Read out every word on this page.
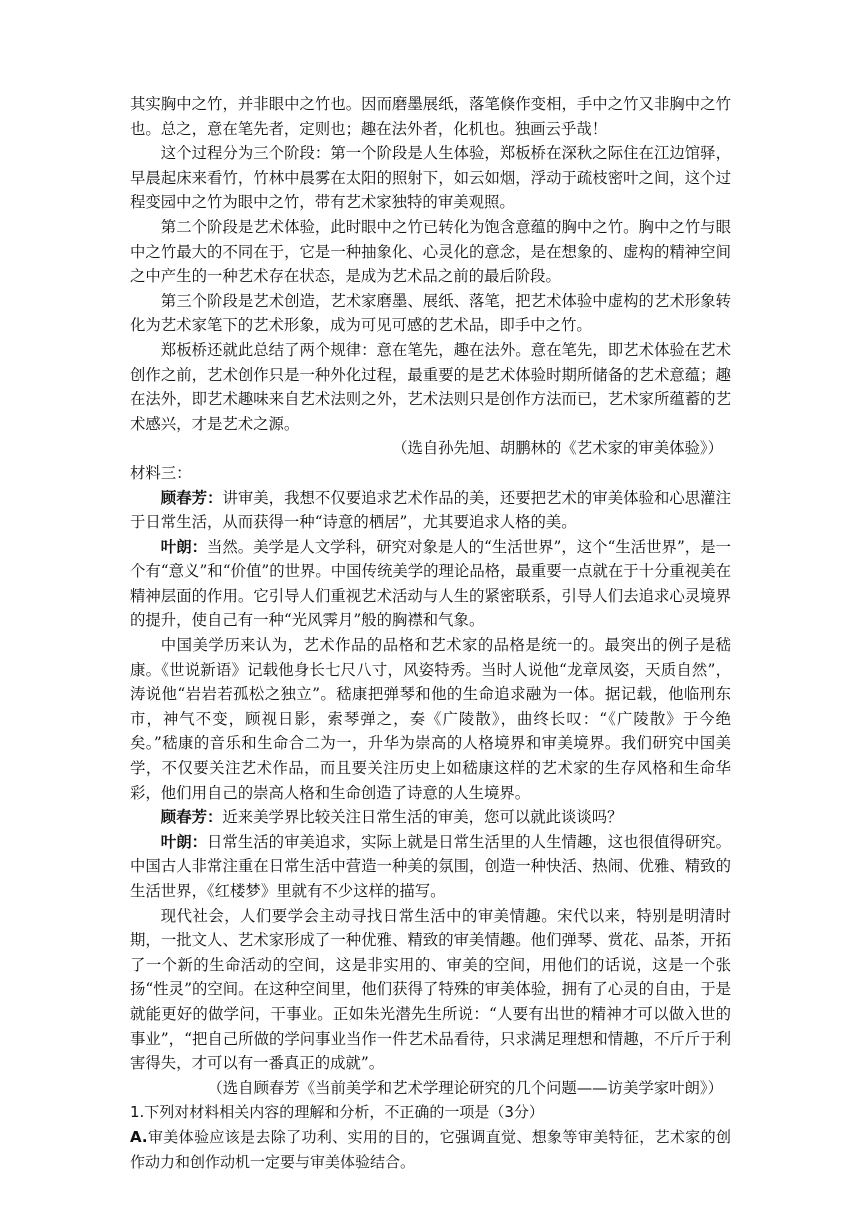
其实胸中之竹，并非眼中之竹也。因而磨墨展纸，落笔倏作变相，手中之竹又非胸中之竹也。总之，意在笔先者，定则也；趣在法外者，化机也。独画云乎哉！

这个过程分为三个阶段：第一个阶段是人生体验，郑板桥在深秋之际住在江边馆驿，早晨起床来看竹，竹林中晨雾在太阳的照射下，如云如烟，浮动于疏枝密叶之间，这个过程变园中之竹为眼中之竹，带有艺术家独特的审美观照。

第二个阶段是艺术体验，此时眼中之竹已转化为饱含意蕴的胸中之竹。胸中之竹与眼中之竹最大的不同在于，它是一种抽象化、心灵化的意念，是在想象的、虚构的精神空间之中产生的一种艺术存在状态，是成为艺术品之前的最后阶段。

第三个阶段是艺术创造，艺术家磨墨、展纸、落笔，把艺术体验中虚构的艺术形象转化为艺术家笔下的艺术形象，成为可见可感的艺术品，即手中之竹。

郑板桥还就此总结了两个规律：意在笔先，趣在法外。意在笔先，即艺术体验在艺术创作之前，艺术创作只是一种外化过程，最重要的是艺术体验时期所储备的艺术意蕴；趣在法外，即艺术趣味来自艺术法则之外，艺术法则只是创作方法而已，艺术家所蕴蓄的艺术感兴，才是艺术之源。

（选自孙先旭、胡鹏林的《艺术家的审美体验》）

材料三：

顾春芳：讲审美，我想不仅要追求艺术作品的美，还要把艺术的审美体验和心思灌注于日常生活，从而获得一种“诗意的栖居”，尤其要追求人格的美。

叶朗：当然。美学是人文学科，研究对象是人的“生活世界”，这个“生活世界”，是一个有“意义”和“价值”的世界。中国传统美学的理论品格，最重要一点就在于十分重视美在精神层面的作用。它引导人们重视艺术活动与人生的紧密联系，引导人们去追求心灵境界的提升，使自己有一种“光风霁月”般的胸襟和气象。

中国美学历来认为，艺术作品的品格和艺术家的品格是统一的。最突出的例子是嵇康。《世说新语》记载他身长七尺八寸，风姿特秀。当时人说他“龙章凤姿，天质自然”，涛说他“岩岩若孤松之独立”。嵇康把弹琴和他的生命追求融为一体。据记载，他临刑东市，神气不变，顾视日影，索琴弹之，奏《广陵散》，曲终长叹：“《广陵散》于今绝矣。”嵇康的音乐和生命合二为一，升华为崇高的人格境界和审美境界。我们研究中国美学，不仅要关注艺术作品，而且要关注历史上如嵇康这样的艺术家的生存风格和生命华彩，他们用自己的崇高人格和生命创造了诗意的人生境界。

顾春芳：近来美学界比较关注日常生活的审美，您可以就此谈谈吗？

叶朗：日常生活的审美追求，实际上就是日常生活里的人生情趣，这也很值得研究。中国古人非常注重在日常生活中营造一种美的氛围，创造一种快活、热闹、优雅、精致的生活世界，《红楼梦》里就有不少这样的描写。

现代社会，人们要学会主动寻找日常生活中的审美情趣。宋代以来，特别是明清时期，一批文人、艺术家形成了一种优雅、精致的审美情趣。他们弹琴、赏花、品茶，开拓了一个新的生命活动的空间，这是非实用的、审美的空间，用他们的话说，这是一个张扬“性灵”的空间。在这种空间里，他们获得了特殊的审美体验，拥有了心灵的自由，于是就能更好的做学问，干事业。正如朱光潜先生所说：“人要有出世的精神才可以做入世的事业”，“把自己所做的学问事业当作一件艺术品看待，只求满足理想和情趣，不斤斤于利害得失，才可以有一番真正的成就”。

（选自顾春芳《当前美学和艺术学理论研究的几个问题——访美学家叶朗》）

1.下列对材料相关内容的理解和分析，不正确的一项是（3分）

A.审美体验应该是去除了功利、实用的目的，它强调直觉、想象等审美特征，艺术家的创作动力和创作动机一定要与审美体验结合。
